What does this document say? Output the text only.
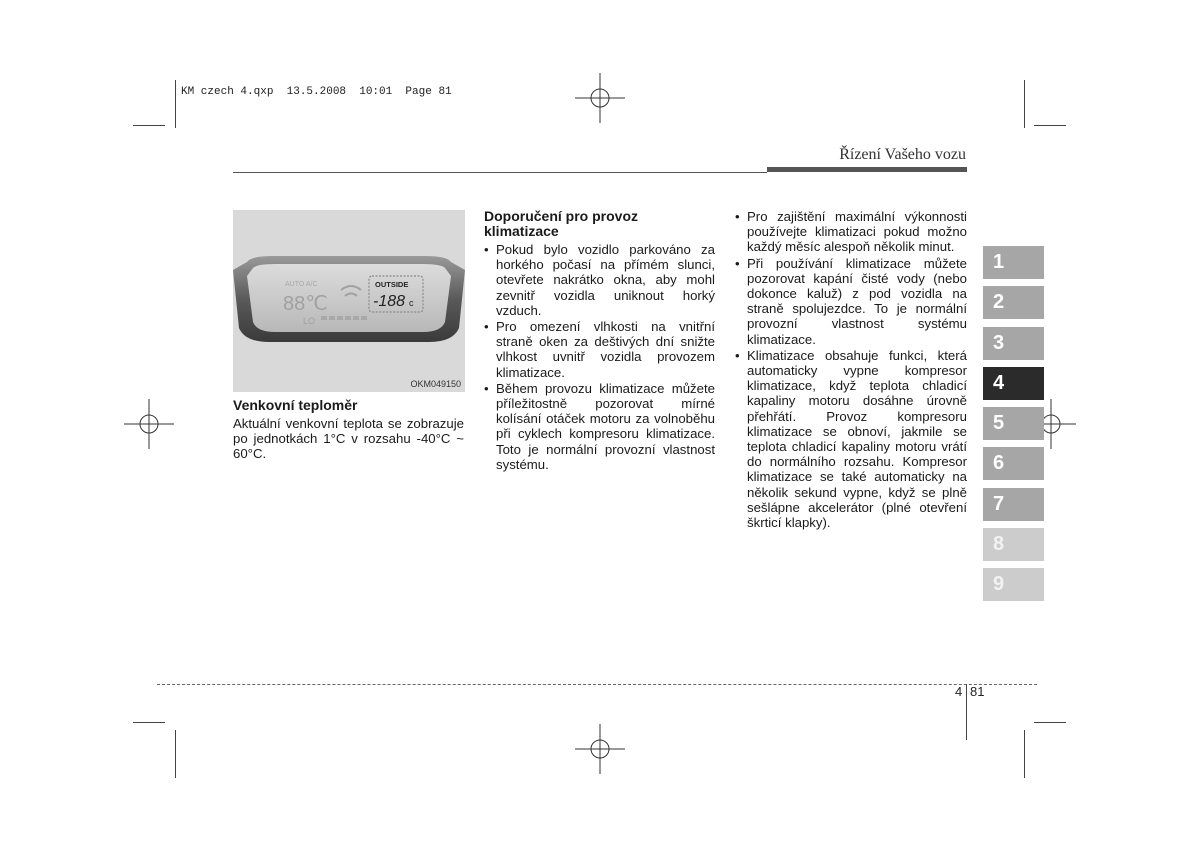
KM czech 4.qxp  13.5.2008  10:01  Page 81
Řízení Vašeho vozu
AUTO A/C
88℃
OUTSIDE
-188 c
LO
OKM049150
Venkovní teploměr
Aktuální venkovní teplota se zobrazuje po jednotkách 1°C v rozsahu -40°C ~ 60°C.
Doporučení pro provoz klimatizace
• Pokud bylo vozidlo parkováno za horkého počasí na přímém slunci, otevřete nakrátko okna, aby mohl zevnitř vozidla uniknout horký vzduch.
• Pro omezení vlhkosti na vnitřní straně oken za deštivých dní snižte vlhkost uvnitř vozidla provozem klimatizace.
• Během provozu klimatizace můžete příležitostně pozorovat mírné kolísání otáček motoru za volnoběhu při cyklech kompresoru klimatizace. Toto je normální provozní vlastnost systému.
• Pro zajištění maximální výkonnosti používejte klimatizaci pokud možno každý měsíc alespoň několik minut.
• Při používání klimatizace můžete pozorovat kapání čisté vody (nebo dokonce kaluž) z pod vozidla na straně spolujezdce. To je normální provozní vlastnost systému klimatizace.
• Klimatizace obsahuje funkci, která automaticky vypne kompresor klimatizace, když teplota chladicí kapaliny motoru dosáhne úrovně přehřátí. Provoz kompresoru klimatizace se obnoví, jakmile se teplota chladicí kapaliny motoru vrátí do normálního rozsahu. Kompresor klimatizace se také automaticky na několik sekund vypne, když se plně sešlápne akcelerátor (plné otevření škrticí klapky).
1
2
3
4
5
6
7
8
9
4 81
